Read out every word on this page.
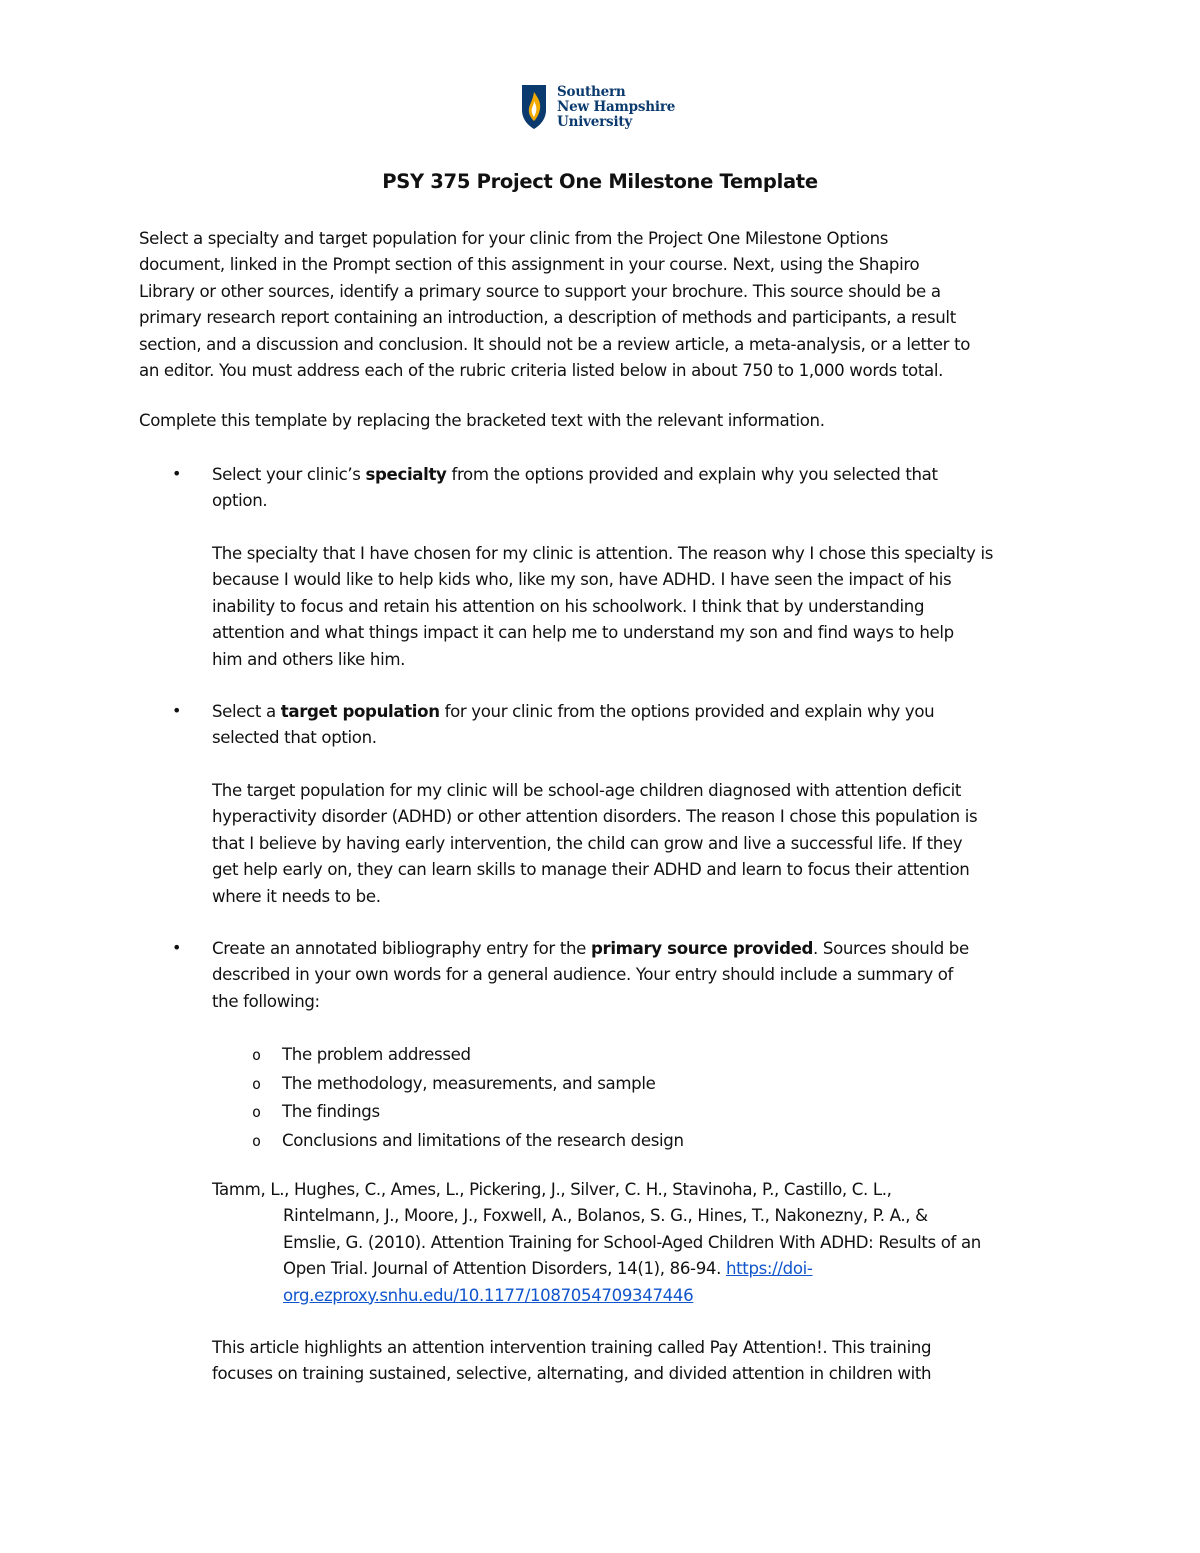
Southern
New Hampshire
University
PSY 375 Project One Milestone Template
Select a specialty and target population for your clinic from the Project One Milestone Options
document, linked in the Prompt section of this assignment in your course. Next, using the Shapiro
Library or other sources, identify a primary source to support your brochure. This source should be a
primary research report containing an introduction, a description of methods and participants, a result
section, and a discussion and conclusion. It should not be a review article, a meta-analysis, or a letter to
an editor. You must address each of the rubric criteria listed below in about 750 to 1,000 words total.
Complete this template by replacing the bracketed text with the relevant information.
• Select your clinic’s specialty from the options provided and explain why you selected that
option.
The specialty that I have chosen for my clinic is attention. The reason why I chose this specialty is
because I would like to help kids who, like my son, have ADHD. I have seen the impact of his
inability to focus and retain his attention on his schoolwork. I think that by understanding
attention and what things impact it can help me to understand my son and find ways to help
him and others like him.
• Select a target population for your clinic from the options provided and explain why you
selected that option.
The target population for my clinic will be school-age children diagnosed with attention deficit
hyperactivity disorder (ADHD) or other attention disorders. The reason I chose this population is
that I believe by having early intervention, the child can grow and live a successful life. If they
get help early on, they can learn skills to manage their ADHD and learn to focus their attention
where it needs to be.
• Create an annotated bibliography entry for the primary source provided. Sources should be
described in your own words for a general audience. Your entry should include a summary of
the following:
o	The problem addressed
o	The methodology, measurements, and sample
o	The findings
o	Conclusions and limitations of the research design
Tamm, L., Hughes, C., Ames, L., Pickering, J., Silver, C. H., Stavinoha, P., Castillo, C. L.,
Rintelmann, J., Moore, J., Foxwell, A., Bolanos, S. G., Hines, T., Nakonezny, P. A., &
Emslie, G. (2010). Attention Training for School-Aged Children With ADHD: Results of an
Open Trial. Journal of Attention Disorders, 14(1), 86-94. https://doi-
org.ezproxy.snhu.edu/10.1177/1087054709347446
This article highlights an attention intervention training called Pay Attention!. This training
focuses on training sustained, selective, alternating, and divided attention in children with
